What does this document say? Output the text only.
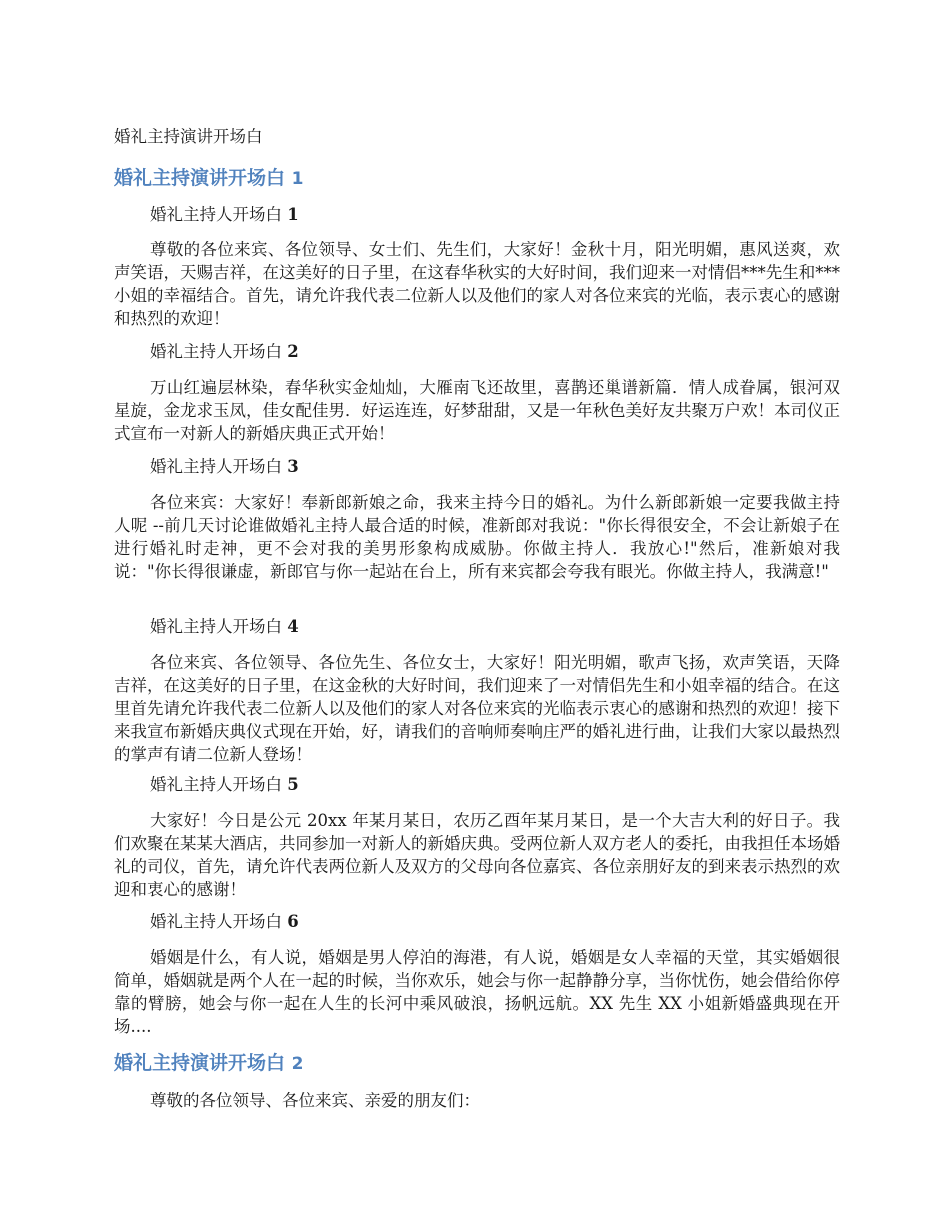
婚礼主持演讲开场白
婚礼主持演讲开场白 1
婚礼主持人开场白 1

尊敬的各位来宾、各位领导、女士们、先生们，大家好！金秋十月，阳光明媚，惠风送爽，欢声笑语，天赐吉祥，在这美好的日子里，在这春华秋实的大好时间，我们迎来一对情侣***先生和***小姐的幸福结合。首先，请允许我代表二位新人以及他们的家人对各位来宾的光临，表示衷心的感谢和热烈的欢迎！

婚礼主持人开场白 2

万山红遍层林染，春华秋实金灿灿，大雁南飞还故里，喜鹊还巢谱新篇．情人成眷属，银河双星旋，金龙求玉凤，佳女配佳男．好运连连，好梦甜甜，又是一年秋色美好友共聚万户欢！本司仪正式宣布一对新人的新婚庆典正式开始！

婚礼主持人开场白 3

各位来宾：大家好！奉新郎新娘之命，我来主持今日的婚礼。为什么新郎新娘一定要我做主持人呢 --前几天讨论谁做婚礼主持人最合适的时候，准新郎对我说："你长得很安全，不会让新娘子在进行婚礼时走神，更不会对我的美男形象构成威胁。你做主持人．我放心!"然后，准新娘对我说："你长得很谦虚，新郎官与你一起站在台上，所有来宾都会夸我有眼光。你做主持人，我满意!"

婚礼主持人开场白 4

各位来宾、各位领导、各位先生、各位女士，大家好！阳光明媚，歌声飞扬，欢声笑语，天降吉祥，在这美好的日子里，在这金秋的大好时间，我们迎来了一对情侣先生和小姐幸福的结合。在这里首先请允许我代表二位新人以及他们的家人对各位来宾的光临表示衷心的感谢和热烈的欢迎！接下来我宣布新婚庆典仪式现在开始，好，请我们的音响师奏响庄严的婚礼进行曲，让我们大家以最热烈的掌声有请二位新人登场！

婚礼主持人开场白 5

大家好！今日是公元 20xx 年某月某日，农历乙酉年某月某日，是一个大吉大利的好日子。我们欢聚在某某大酒店，共同参加一对新人的新婚庆典。受两位新人双方老人的委托，由我担任本场婚礼的司仪，首先，请允许代表两位新人及双方的父母向各位嘉宾、各位亲朋好友的到来表示热烈的欢迎和衷心的感谢！

婚礼主持人开场白 6

婚姻是什么，有人说，婚姻是男人停泊的海港，有人说，婚姻是女人幸福的天堂，其实婚姻很简单，婚姻就是两个人在一起的时候，当你欢乐，她会与你一起静静分享，当你忧伤，她会借给你停靠的臂膀，她会与你一起在人生的长河中乘风破浪，扬帆远航。XX 先生 XX 小姐新婚盛典现在开场....

婚礼主持演讲开场白 2

尊敬的各位领导、各位来宾、亲爱的朋友们：
